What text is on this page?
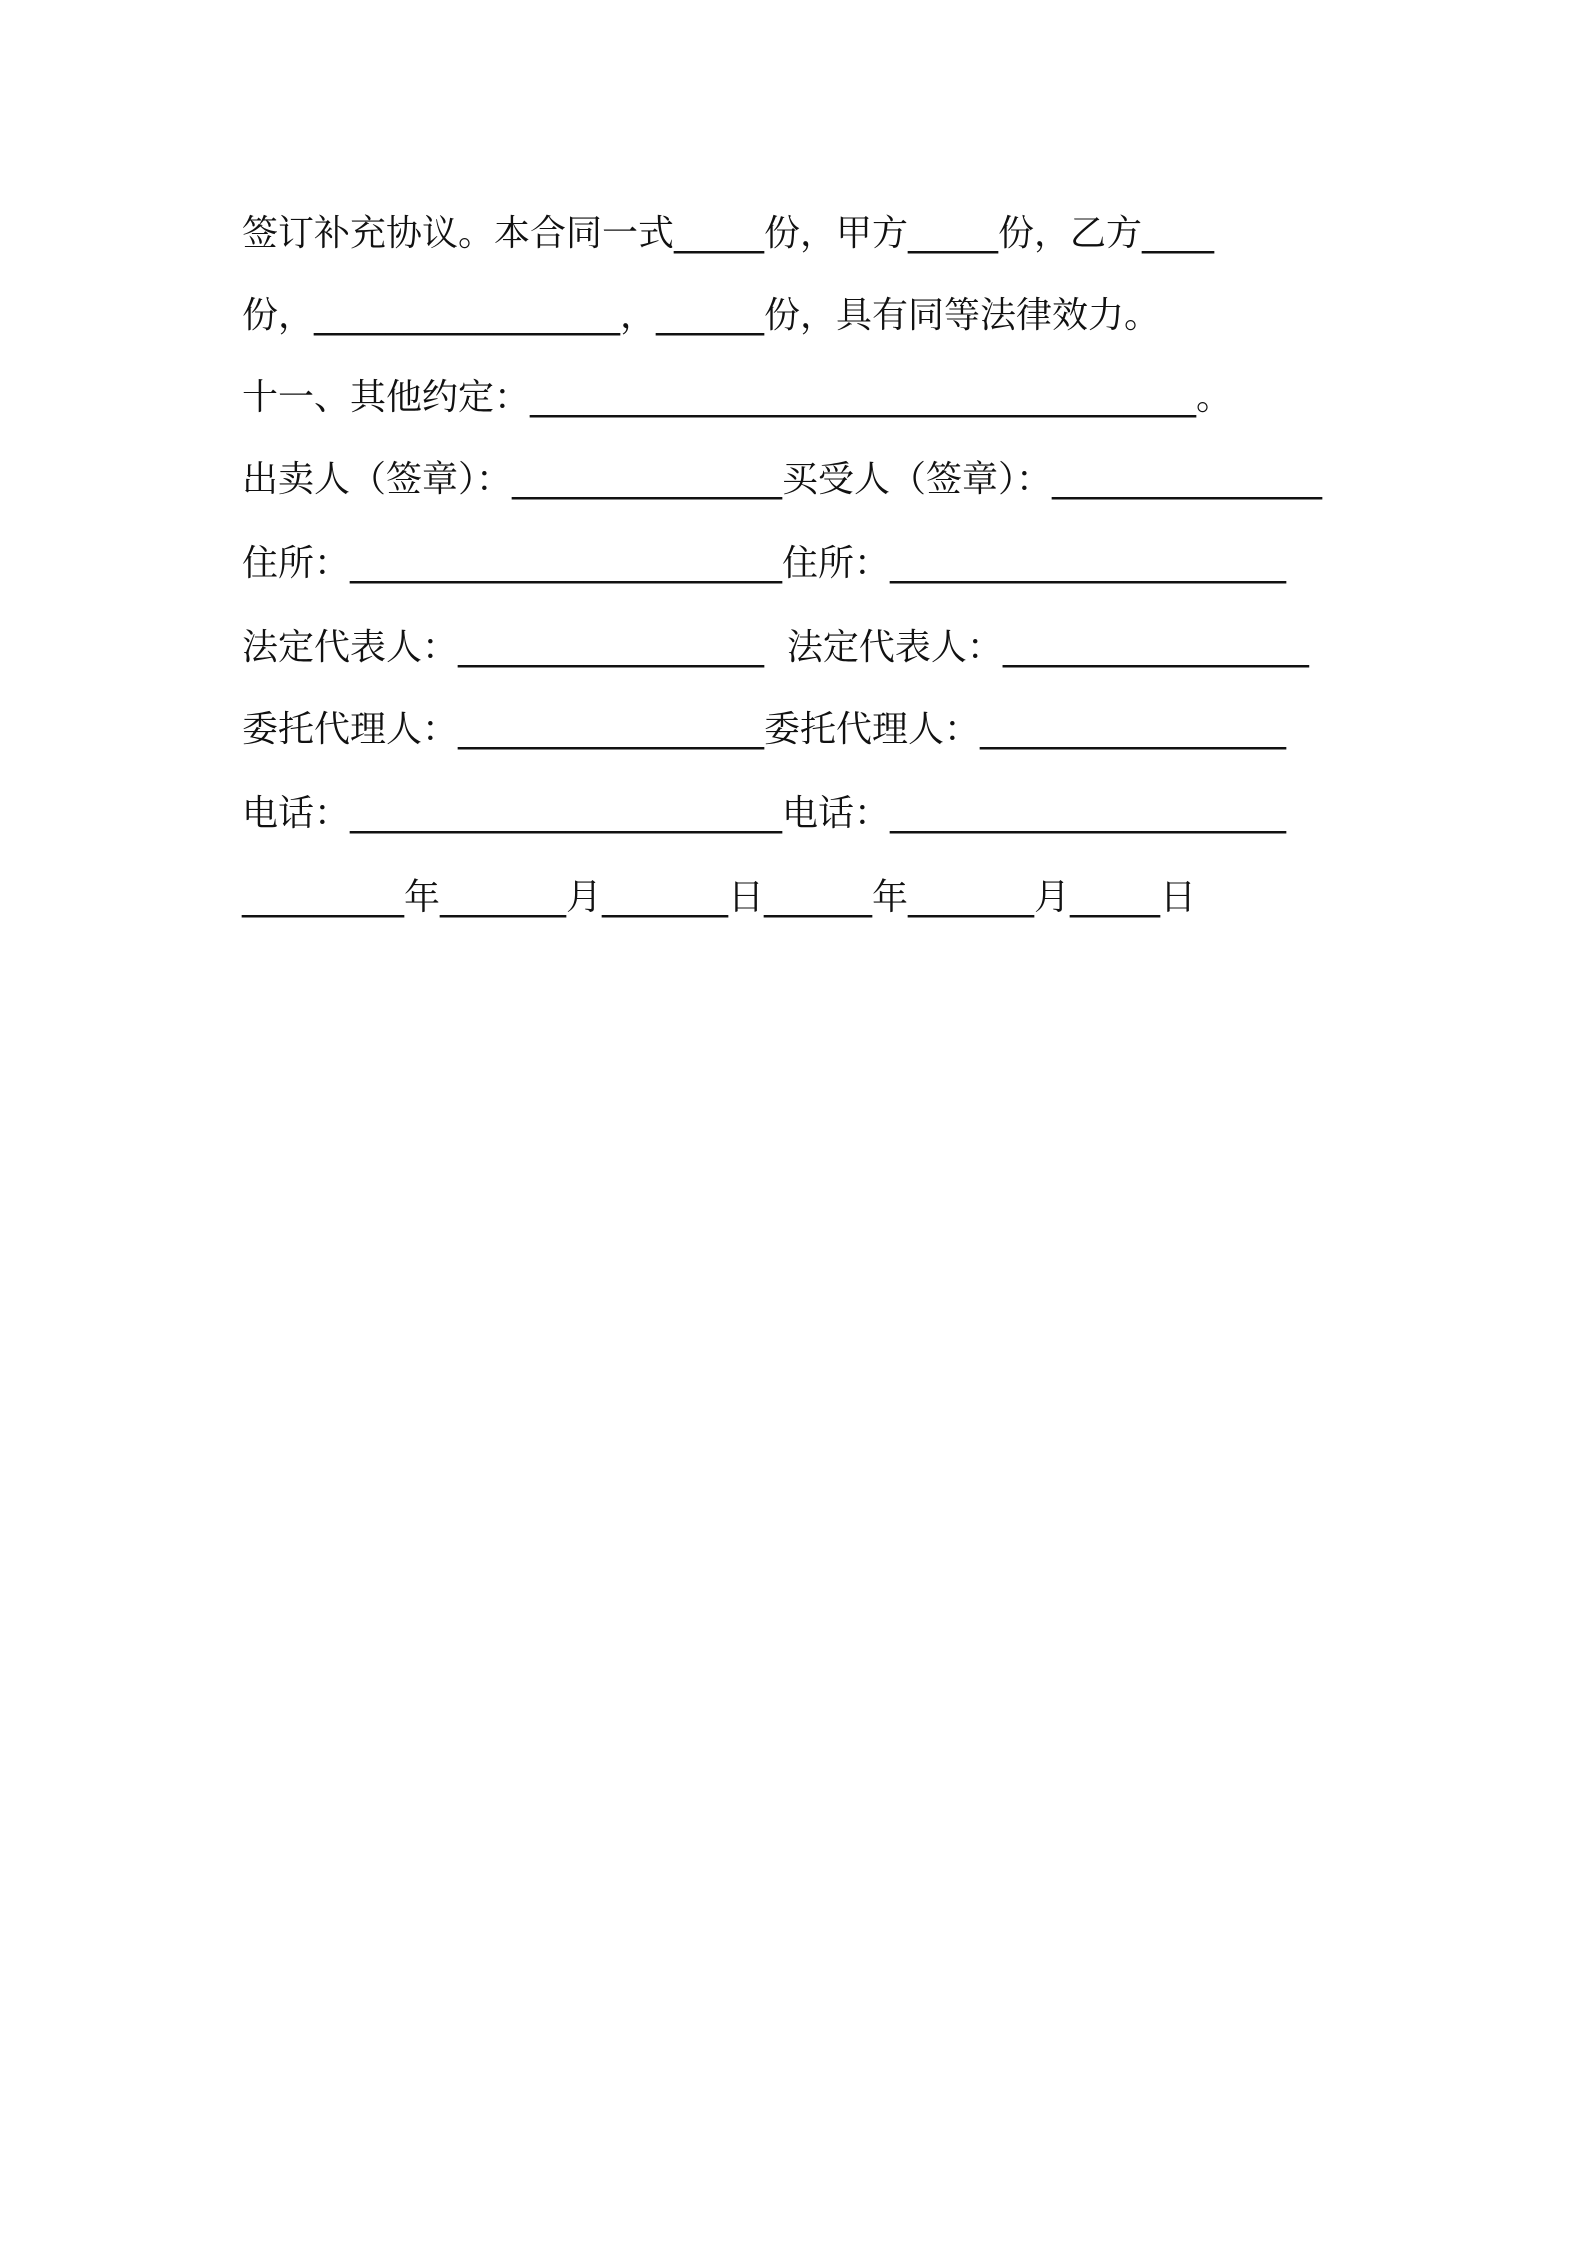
签订补充协议。本合同一式_____份，甲方_____份，乙方____
份，_________________，______份，具有同等法律效力。
十一、其他约定：_____________________________________。
出卖人（签章）：_______________买受人（签章）：_______________
住所：________________________住所：______________________
法定代表人：_________________  法定代表人：_________________
委托代理人：_________________委托代理人：_________________
电话：________________________电话：______________________
_________年_______月_______日______年_______月_____日
